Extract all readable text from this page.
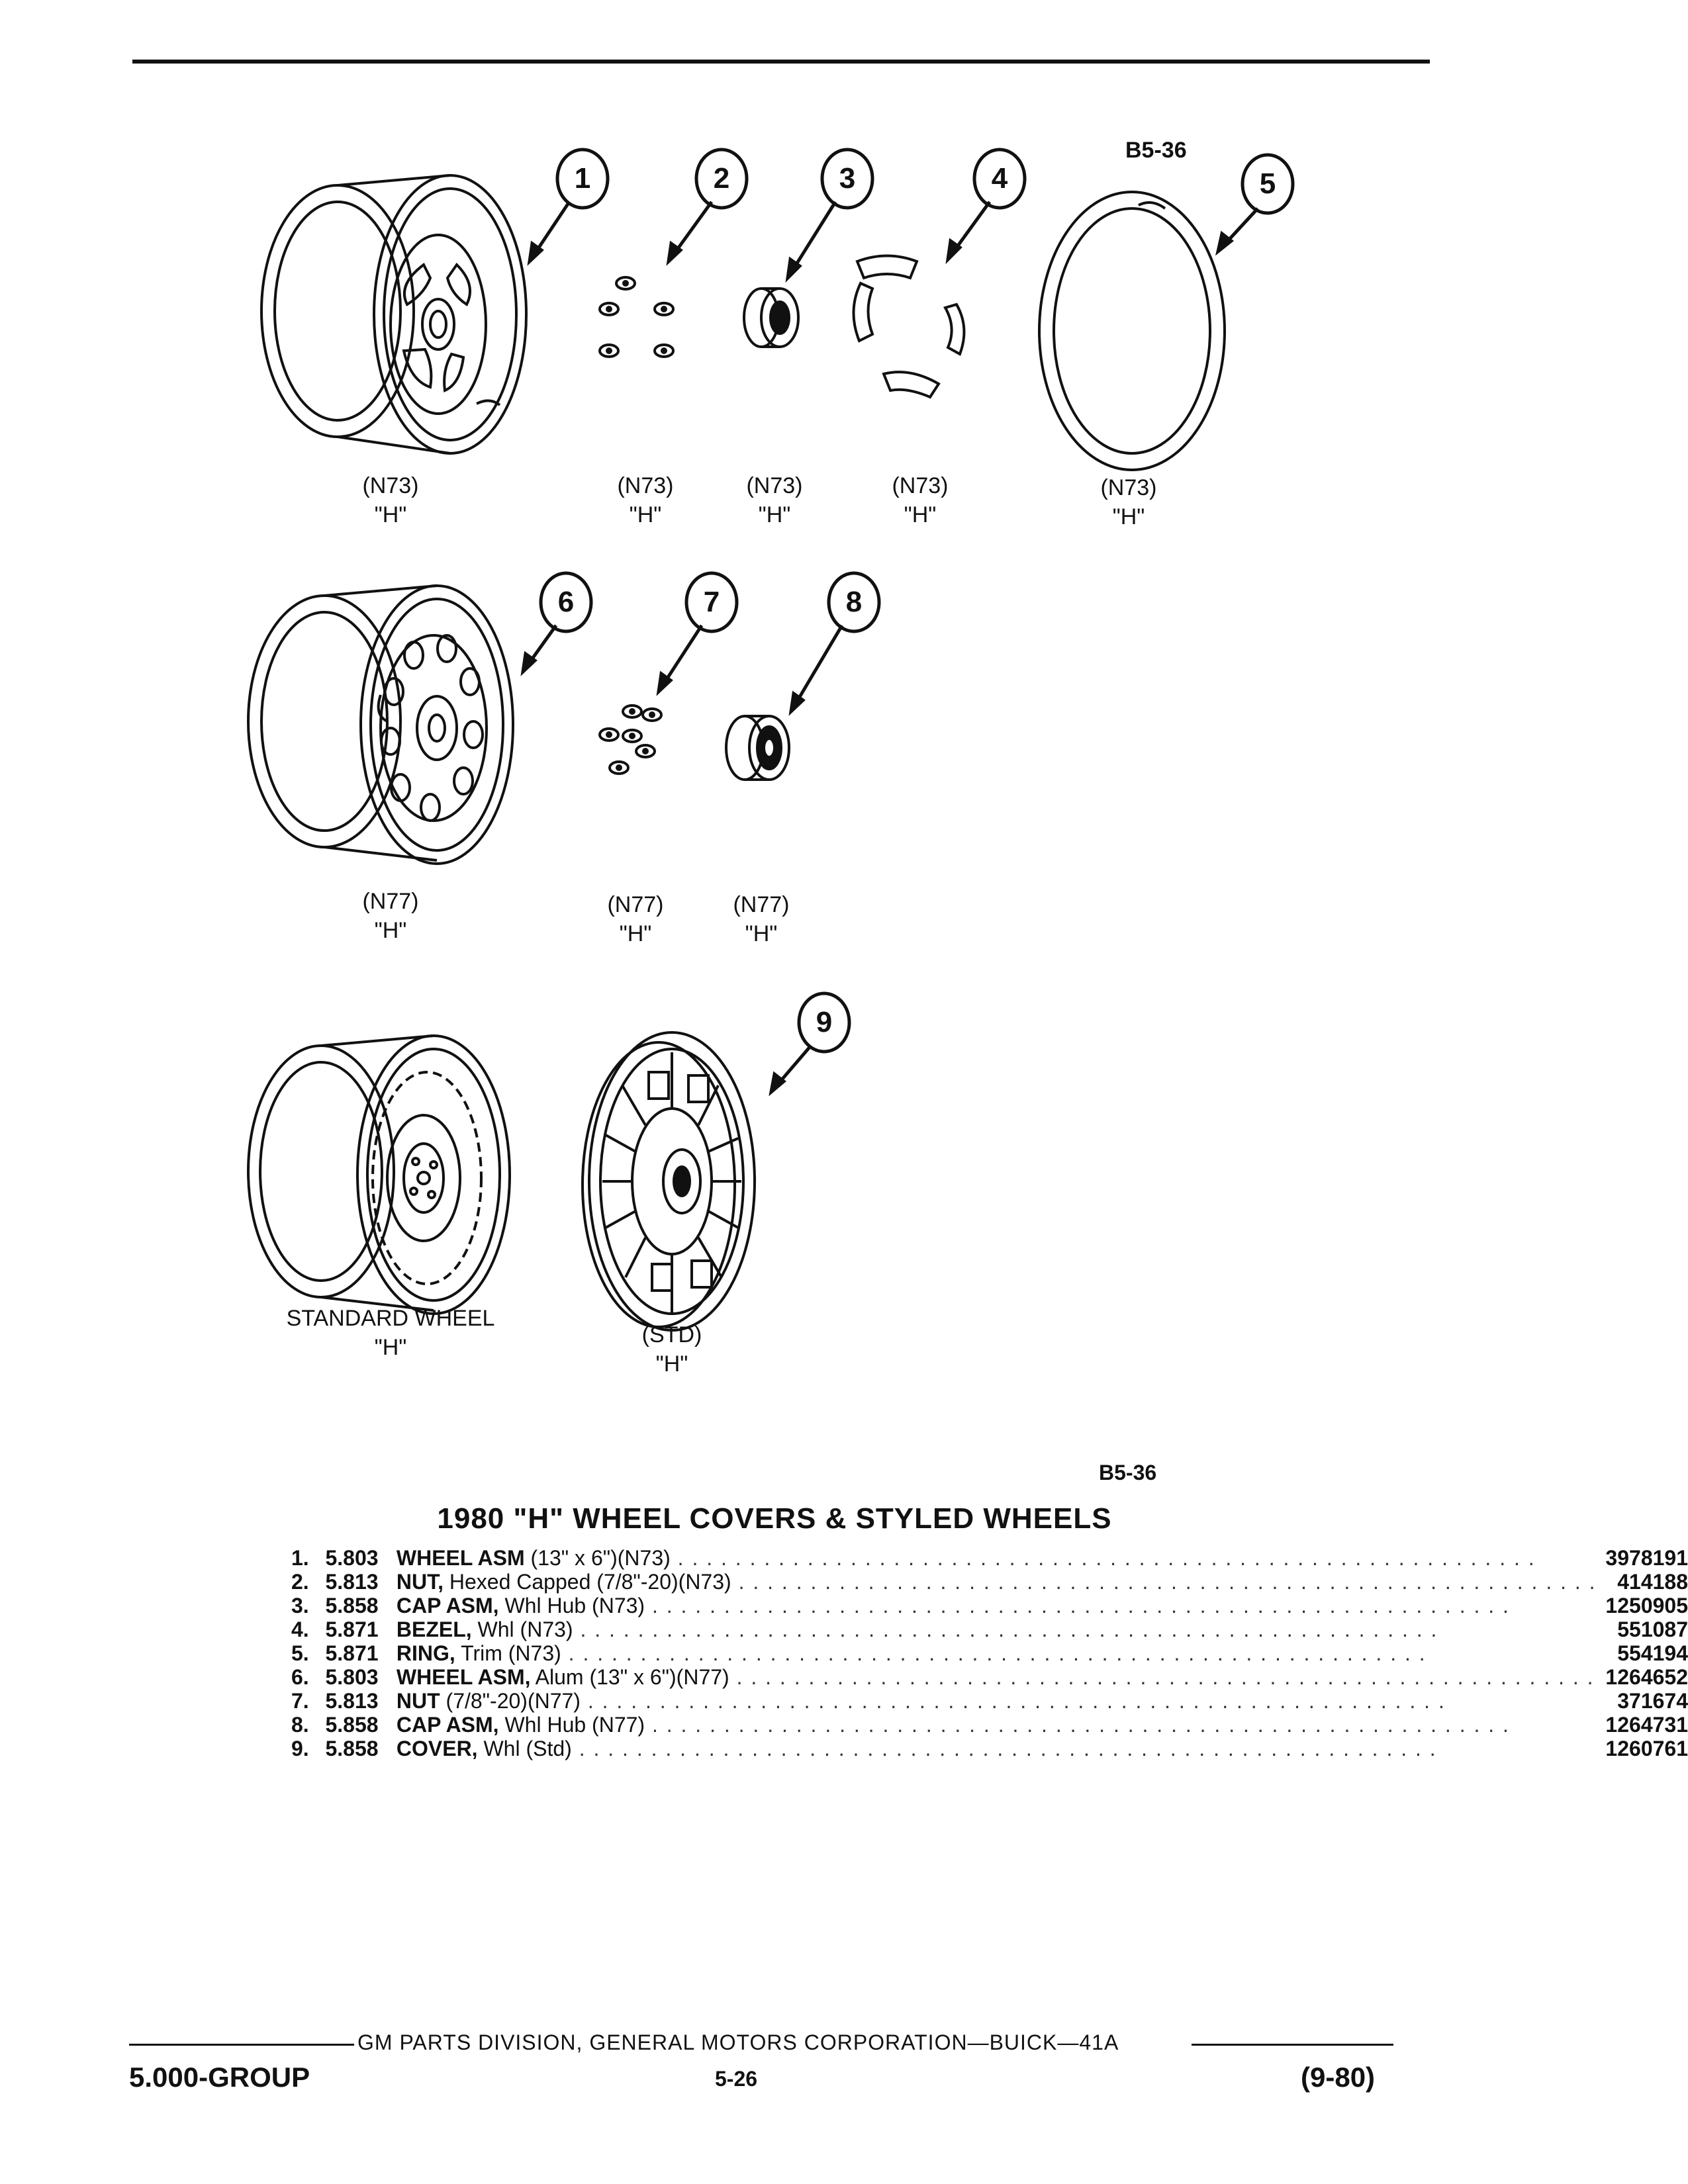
1	2	3	4	5
6	7	8
9
B5-36
(N73)
"H"
(N73)
"H"
(N73)
"H"
(N73)
"H"
(N73)
"H"
(N77)
"H"
(N77)
"H"
(N77)
"H"
STANDARD WHEEL
"H"	(STD)
"H"
B5-36
1980 "H" WHEEL COVERS & STYLED WHEELS
1.	5.803	WHEEL ASM (13" x 6")(N73) . . . . . . . . . . . . . . . . . . . . . . . . . . . . . . . . . . . . . . . . . . . . . . . . . . . . . . . . . . . .	3978191
2.	5.813	NUT, Hexed Capped (7/8"-20)(N73) . . . . . . . . . . . . . . . . . . . . . . . . . . . . . . . . . . . . . . . . . . . . . . . . . . . . . . . . . . . .	414188
3.	5.858	CAP ASM, Whl Hub (N73) . . . . . . . . . . . . . . . . . . . . . . . . . . . . . . . . . . . . . . . . . . . . . . . . . . . . . . . . . . . .	1250905
4.	5.871	BEZEL, Whl (N73) . . . . . . . . . . . . . . . . . . . . . . . . . . . . . . . . . . . . . . . . . . . . . . . . . . . . . . . . . . . .	551087
5.	5.871	RING, Trim (N73) . . . . . . . . . . . . . . . . . . . . . . . . . . . . . . . . . . . . . . . . . . . . . . . . . . . . . . . . . . . .	554194
6.	5.803	WHEEL ASM, Alum (13" x 6")(N77) . . . . . . . . . . . . . . . . . . . . . . . . . . . . . . . . . . . . . . . . . . . . . . . . . . . . . . . . . . . .	1264652
7.	5.813	NUT (7/8"-20)(N77) . . . . . . . . . . . . . . . . . . . . . . . . . . . . . . . . . . . . . . . . . . . . . . . . . . . . . . . . . . . .	371674
8.	5.858	CAP ASM, Whl Hub (N77) . . . . . . . . . . . . . . . . . . . . . . . . . . . . . . . . . . . . . . . . . . . . . . . . . . . . . . . . . . . .	1264731
9.	5.858	COVER, Whl (Std) . . . . . . . . . . . . . . . . . . . . . . . . . . . . . . . . . . . . . . . . . . . . . . . . . . . . . . . . . . . .	1260761
GM PARTS DIVISION, GENERAL MOTORS CORPORATION—BUICK—41A
5.000-GROUP	5-26	(9-80)
